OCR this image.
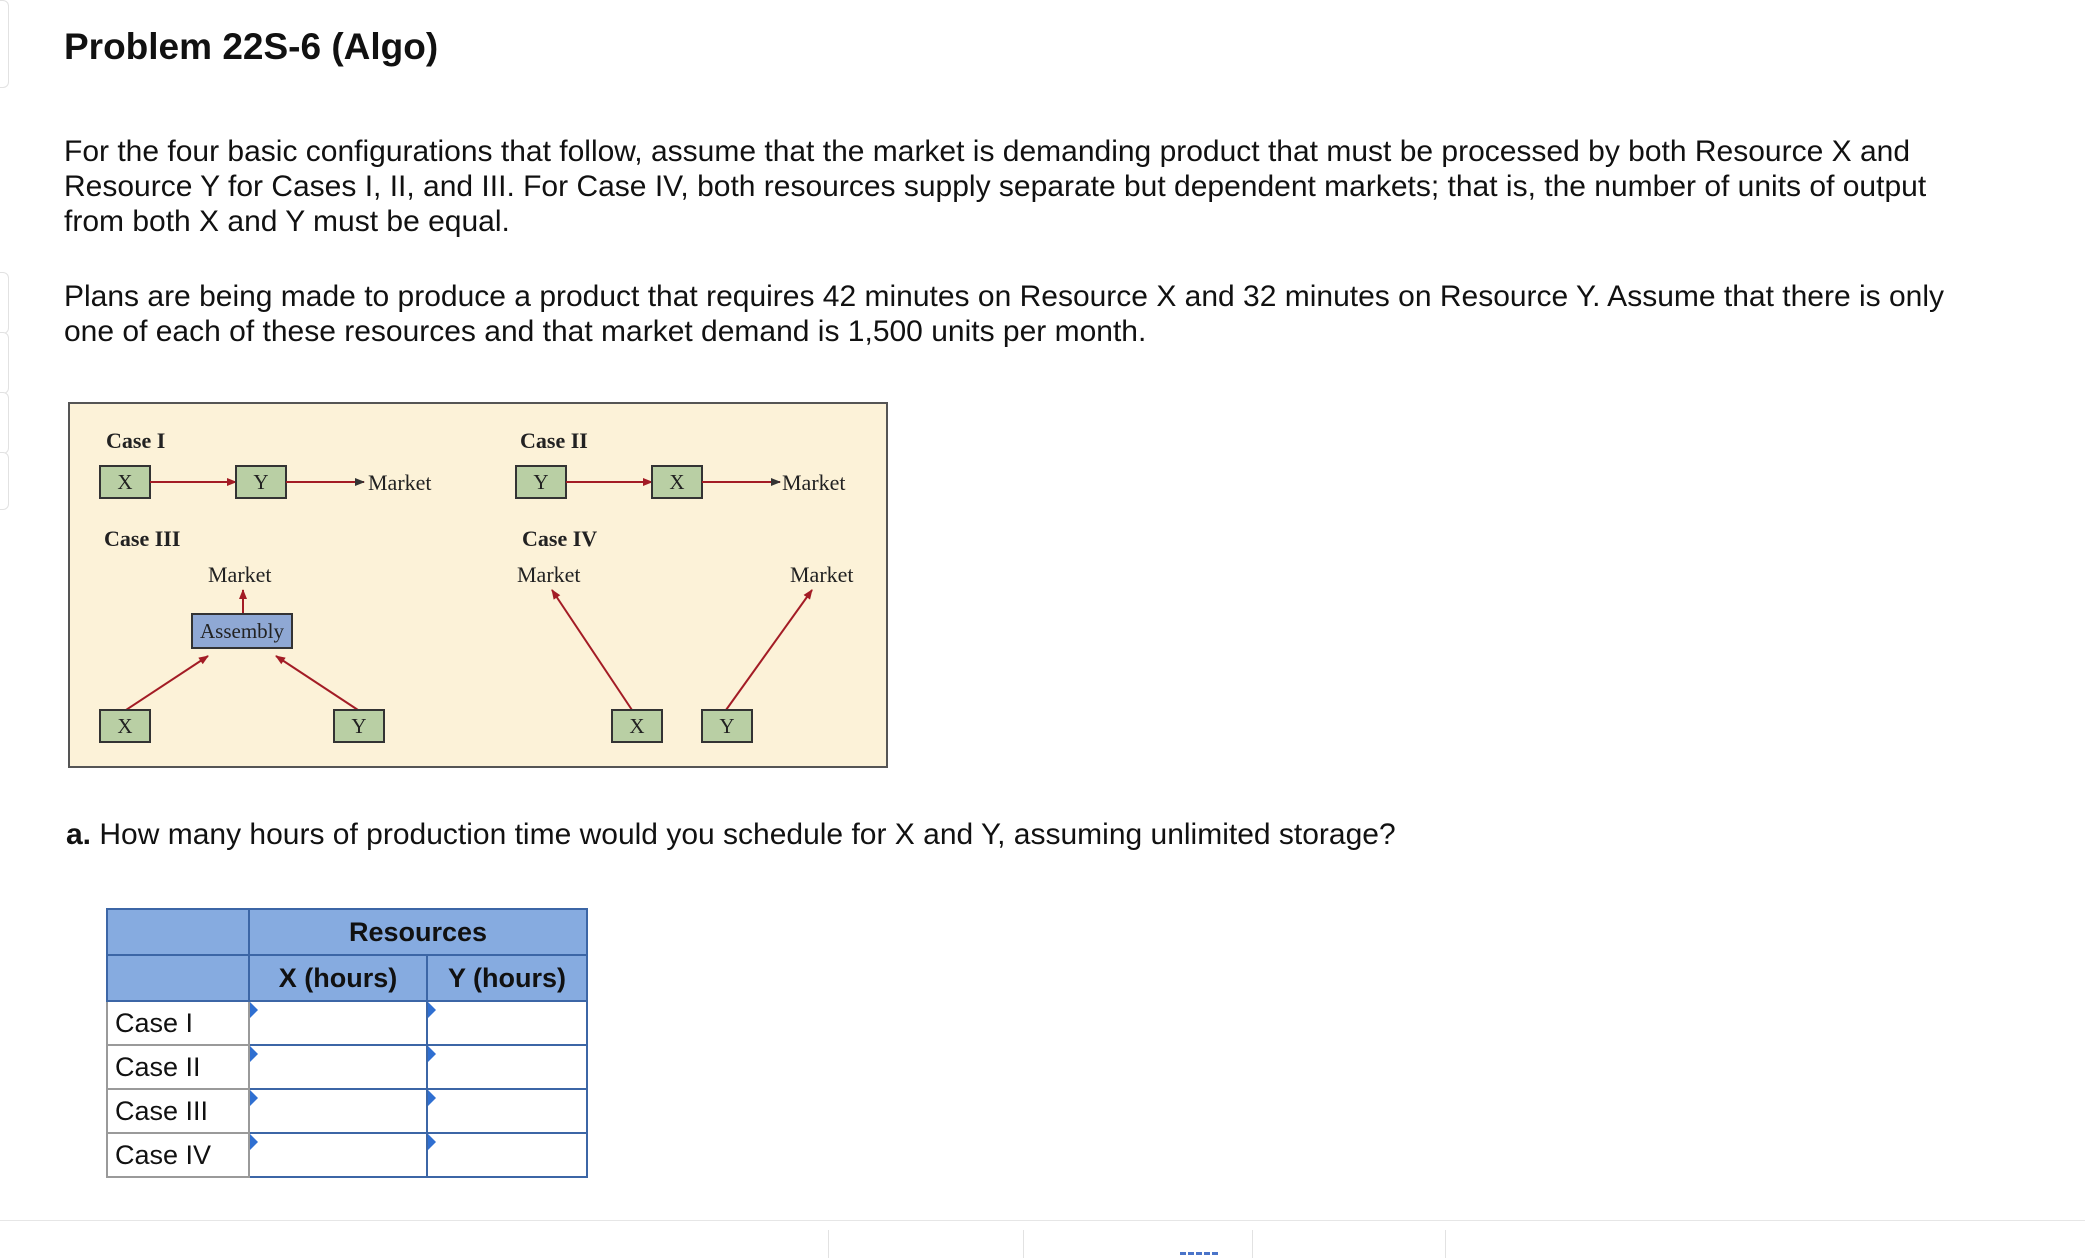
Problem 22S-6 (Algo)

For the four basic configurations that follow, assume that the market is demanding product that must be processed by both Resource X and Resource Y for Cases I, II, and III. For Case IV, both resources supply separate but dependent markets; that is, the number of units of output from both X and Y must be equal.

Plans are being made to produce a product that requires 42 minutes on Resource X and 32 minutes on Resource Y. Assume that there is only one of each of these resources and that market demand is 1,500 units per month.

Case I
X	Y	Market
Case II
Y	X	Market
Case III
Market
Assembly
X	Y
Case IV
Market	Market
X	Y

a. How many hours of production time would you schedule for X and Y, assuming unlimited storage?

	Resources	
	X (hours)	Y (hours)
Case I	

Case II	

Case III	

Case IV	
